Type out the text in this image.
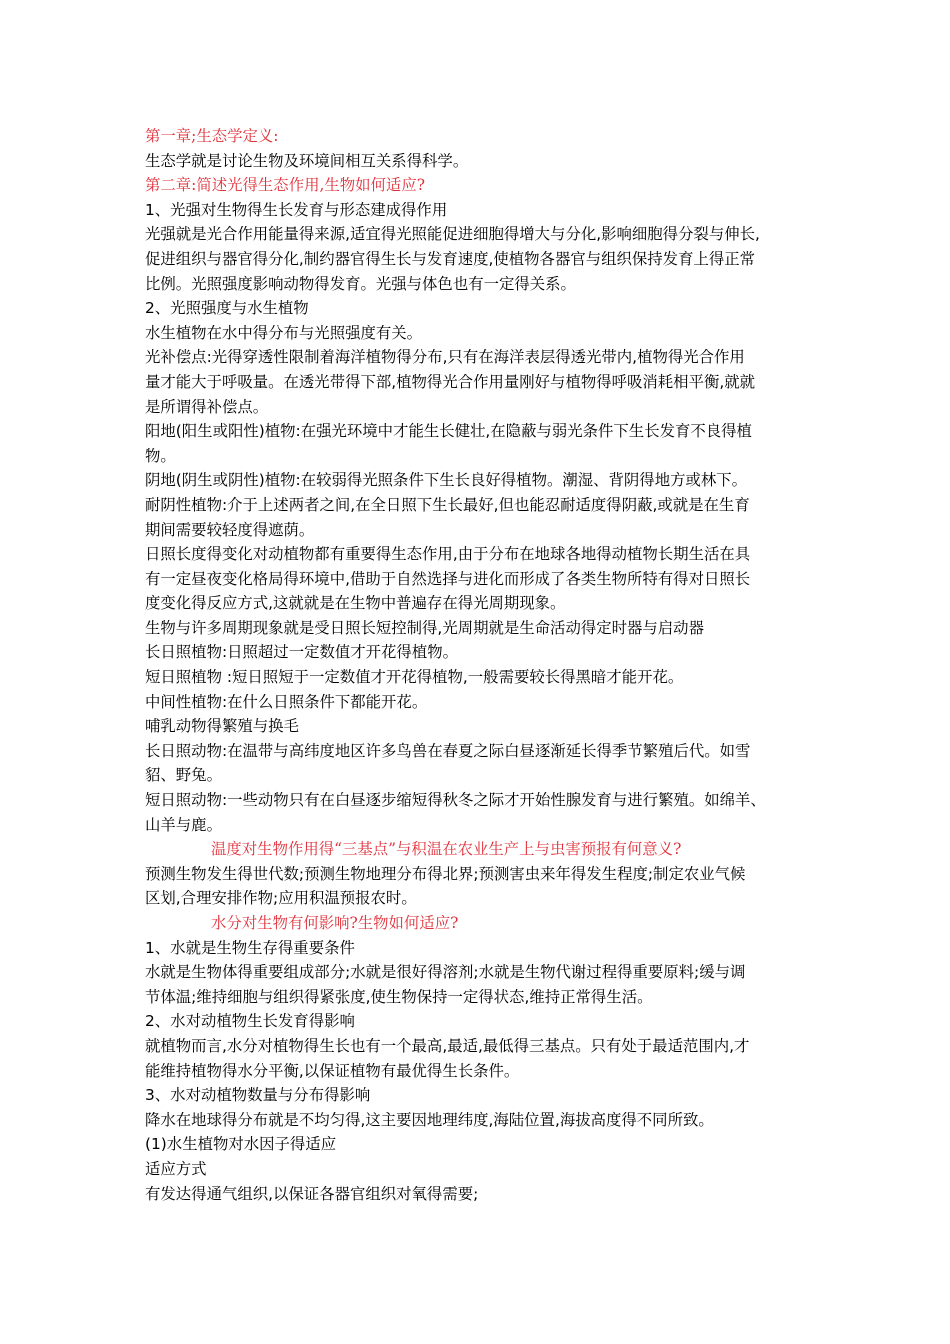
第一章;生态学定义:
生态学就是讨论生物及环境间相互关系得科学。
第二章:简述光得生态作用,生物如何适应?
1、光强对生物得生长发育与形态建成得作用
光强就是光合作用能量得来源,适宜得光照能促进细胞得增大与分化,影响细胞得分裂与伸长,
促进组织与器官得分化,制约器官得生长与发育速度,使植物各器官与组织保持发育上得正常
比例。光照强度影响动物得发育。光强与体色也有一定得关系。
2、光照强度与水生植物
水生植物在水中得分布与光照强度有关。
光补偿点:光得穿透性限制着海洋植物得分布,只有在海洋表层得透光带内,植物得光合作用
量才能大于呼吸量。在透光带得下部,植物得光合作用量刚好与植物得呼吸消耗相平衡,就就
是所谓得补偿点。
阳地(阳生或阳性)植物:在强光环境中才能生长健壮,在隐蔽与弱光条件下生长发育不良得植
物。
阴地(阴生或阴性)植物:在较弱得光照条件下生长良好得植物。潮湿、背阴得地方或林下。
耐阴性植物:介于上述两者之间,在全日照下生长最好,但也能忍耐适度得阴蔽,或就是在生育
期间需要较轻度得遮荫。
日照长度得变化对动植物都有重要得生态作用,由于分布在地球各地得动植物长期生活在具
有一定昼夜变化格局得环境中,借助于自然选择与进化而形成了各类生物所特有得对日照长
度变化得反应方式,这就就是在生物中普遍存在得光周期现象。
生物与许多周期现象就是受日照长短控制得,光周期就是生命活动得定时器与启动器
长日照植物:日照超过一定数值才开花得植物。
短日照植物 :短日照短于一定数值才开花得植物,一般需要较长得黑暗才能开花。
中间性植物:在什么日照条件下都能开花。
哺乳动物得繁殖与换毛
长日照动物:在温带与高纬度地区许多鸟兽在春夏之际白昼逐渐延长得季节繁殖后代。如雪
貂、野兔。
短日照动物:一些动物只有在白昼逐步缩短得秋冬之际才开始性腺发育与进行繁殖。如绵羊、
山羊与鹿。
温度对生物作用得“三基点”与积温在农业生产上与虫害预报有何意义?
预测生物发生得世代数;预测生物地理分布得北界;预测害虫来年得发生程度;制定农业气候
区划,合理安排作物;应用积温预报农时。
水分对生物有何影响?生物如何适应?
1、水就是生物生存得重要条件
水就是生物体得重要组成部分;水就是很好得溶剂;水就是生物代谢过程得重要原料;缓与调
节体温;维持细胞与组织得紧张度,使生物保持一定得状态,维持正常得生活。
2、水对动植物生长发育得影响
就植物而言,水分对植物得生长也有一个最高,最适,最低得三基点。只有处于最适范围内,才
能维持植物得水分平衡,以保证植物有最优得生长条件。
3、水对动植物数量与分布得影响
降水在地球得分布就是不均匀得,这主要因地理纬度,海陆位置,海拔高度得不同所致。
(1)水生植物对水因子得适应
适应方式
有发达得通气组织,以保证各器官组织对氧得需要;
